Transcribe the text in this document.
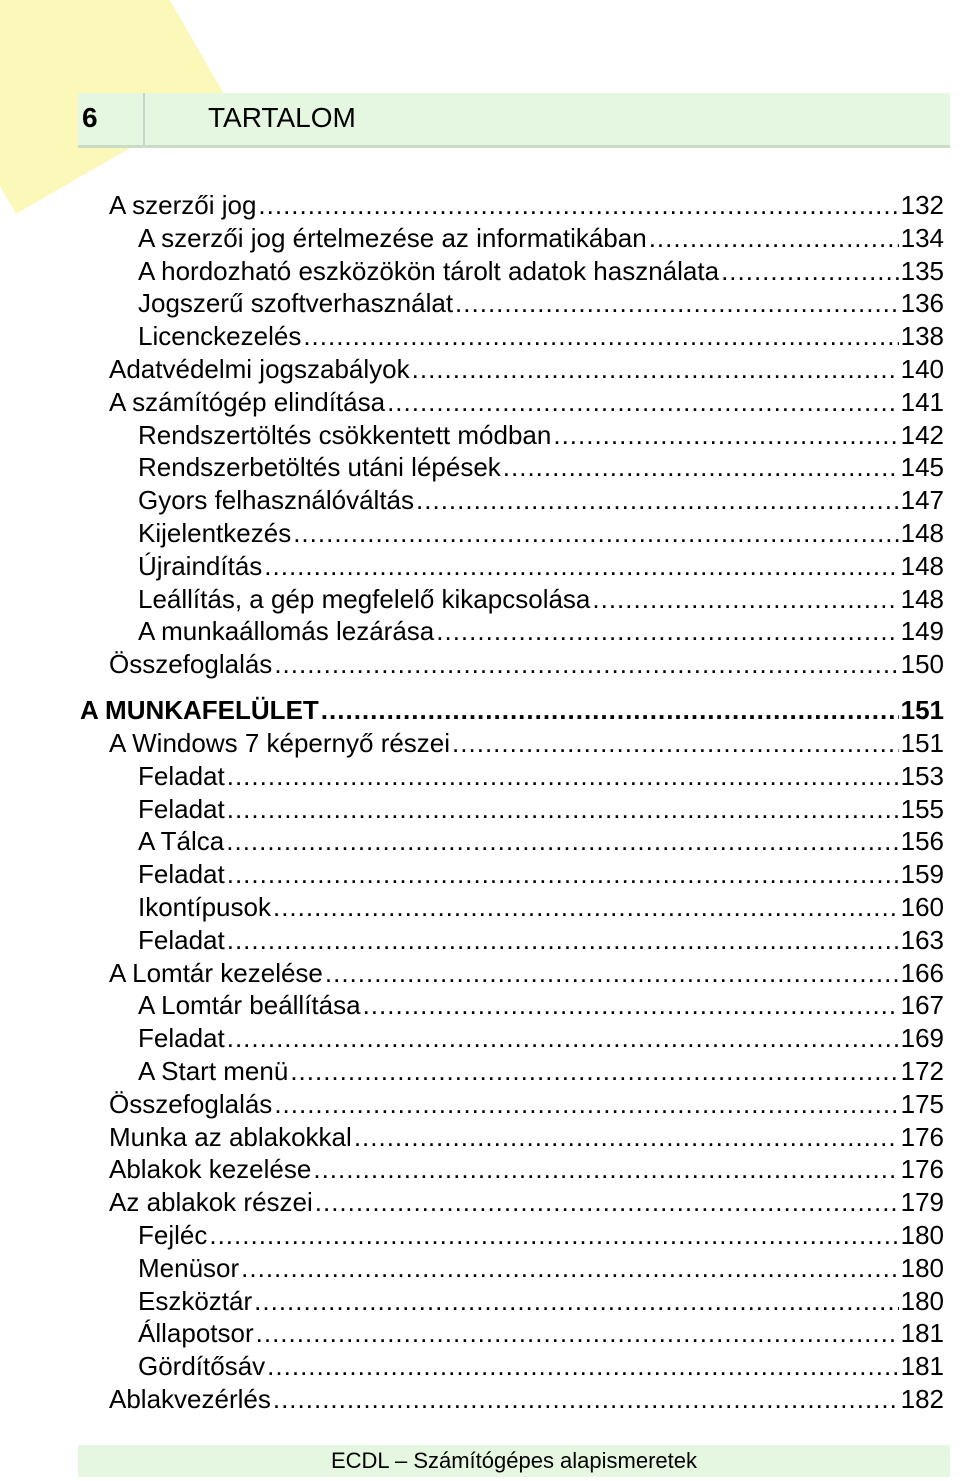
6	TARTALOM
A szerzői jog .....	132
A szerzői jog értelmezése az informatikában .....	134
A hordozható eszközökön tárolt adatok használata .....	135
Jogszerű szoftverhasználat .....	136
Licenckezelés .....	138
Adatvédelmi jogszabályok .....	140
A számítógép elindítása .....	141
Rendszertöltés csökkentett módban .....	142
Rendszerbetöltés utáni lépések .....	145
Gyors felhasználóváltás .....	147
Kijelentkezés .....	148
Újraindítás .....	148
Leállítás, a gép megfelelő kikapcsolása .....	148
A munkaállomás lezárása .....	149
Összefoglalás .....	150
A MUNKAFELÜLET .....	151
A Windows 7 képernyő részei .....	151
Feladat .....	153
Feladat .....	155
A Tálca .....	156
Feladat .....	159
Ikontípusok .....	160
Feladat .....	163
A Lomtár kezelése .....	166
A Lomtár beállítása .....	167
Feladat .....	169
A Start menü .....	172
Összefoglalás .....	175
Munka az ablakokkal .....	176
Ablakok kezelése .....	176
Az ablakok részei .....	179
Fejléc .....	180
Menüsor .....	180
Eszköztár .....	180
Állapotsor .....	181
Gördítősáv .....	181
Ablakvezérlés .....	182
ECDL – Számítógépes alapismeretek
